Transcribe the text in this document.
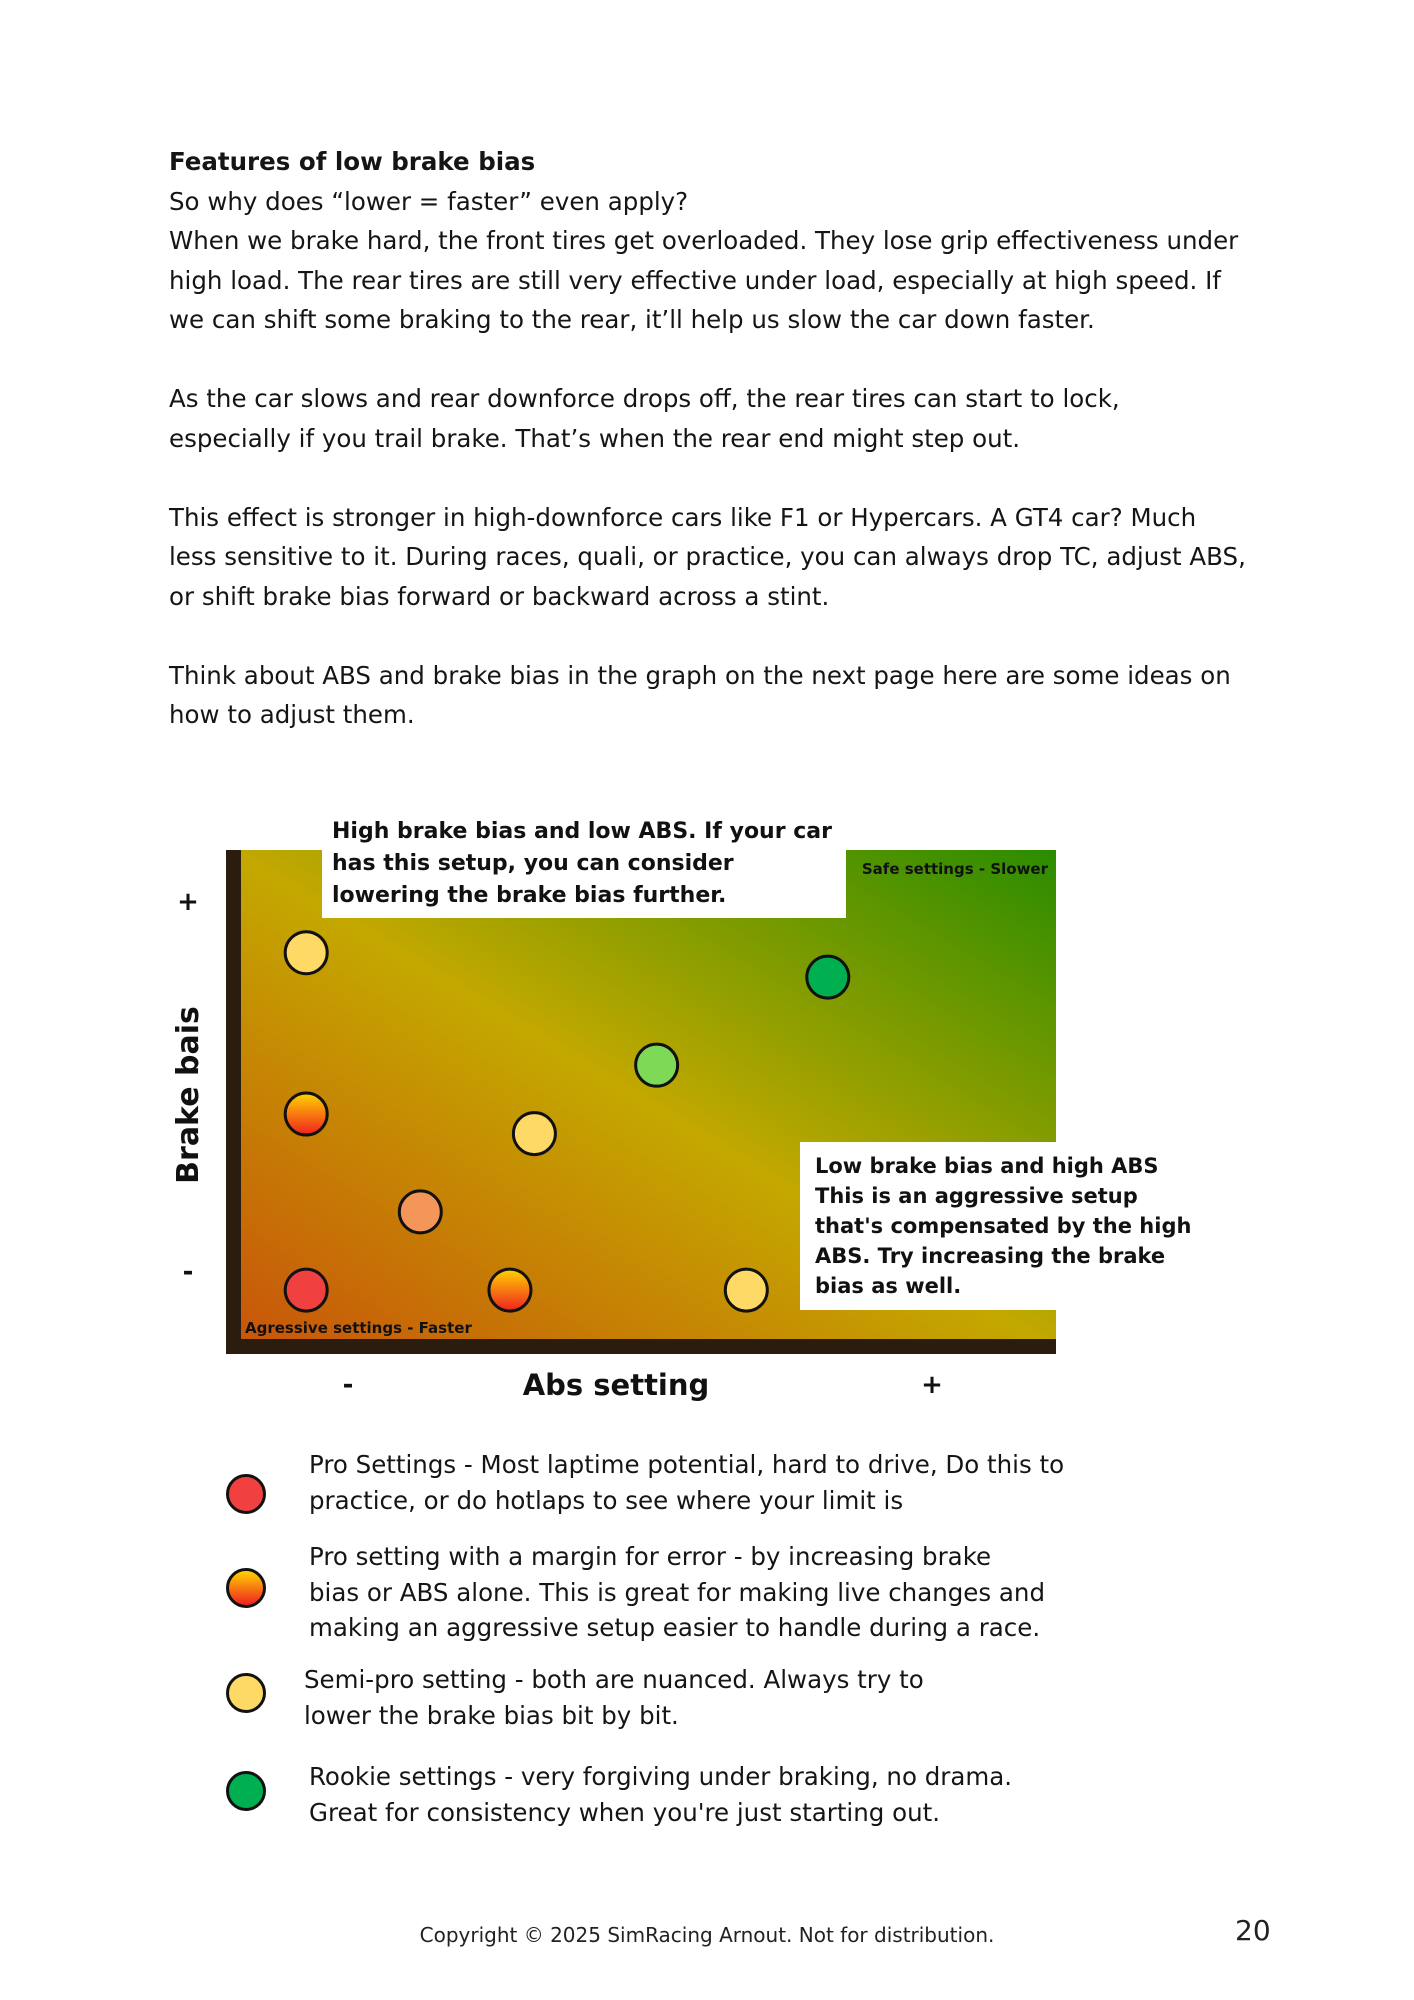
Features of low brake bias

So why does “lower = faster” even apply?

When we brake hard, the front tires get overloaded. They lose grip effectiveness under high load. The rear tires are still very effective under load, especially at high speed. If we can shift some braking to the rear, it’ll help us slow the car down faster.

As the car slows and rear downforce drops off, the rear tires can start to lock, especially if you trail brake. That’s when the rear end might step out.

This effect is stronger in high-downforce cars like F1 or Hypercars. A GT4 car? Much less sensitive to it. During races, quali, or practice, you can always drop TC, adjust ABS, or shift brake bias forward or backward across a stint.

Think about ABS and brake bias in the graph on the next page here are some ideas on how to adjust them.

Safe settings - Slower
Agressive settings - Faster
High brake bias and low ABS. If your car
has this setup, you can consider
lowering the brake bias further.
Low brake bias and high ABS
This is an aggressive setup
that's compensated by the high
ABS. Try increasing the brake
bias as well.
+
-
Brake bais
-	+
Abs setting
Pro Settings - Most laptime potential, hard to drive, Do this to
practice, or do hotlaps to see where your limit is
Pro setting with a margin for error - by increasing brake
bias or ABS alone. This is great for making live changes and
making an aggressive setup easier to handle during a race.
Semi-pro setting - both are nuanced. Always try to
lower the brake bias bit by bit.
Rookie settings - very forgiving under braking, no drama.
Great for consistency when you're just starting out.
Copyright © 2025 SimRacing Arnout. Not for distribution.	20
